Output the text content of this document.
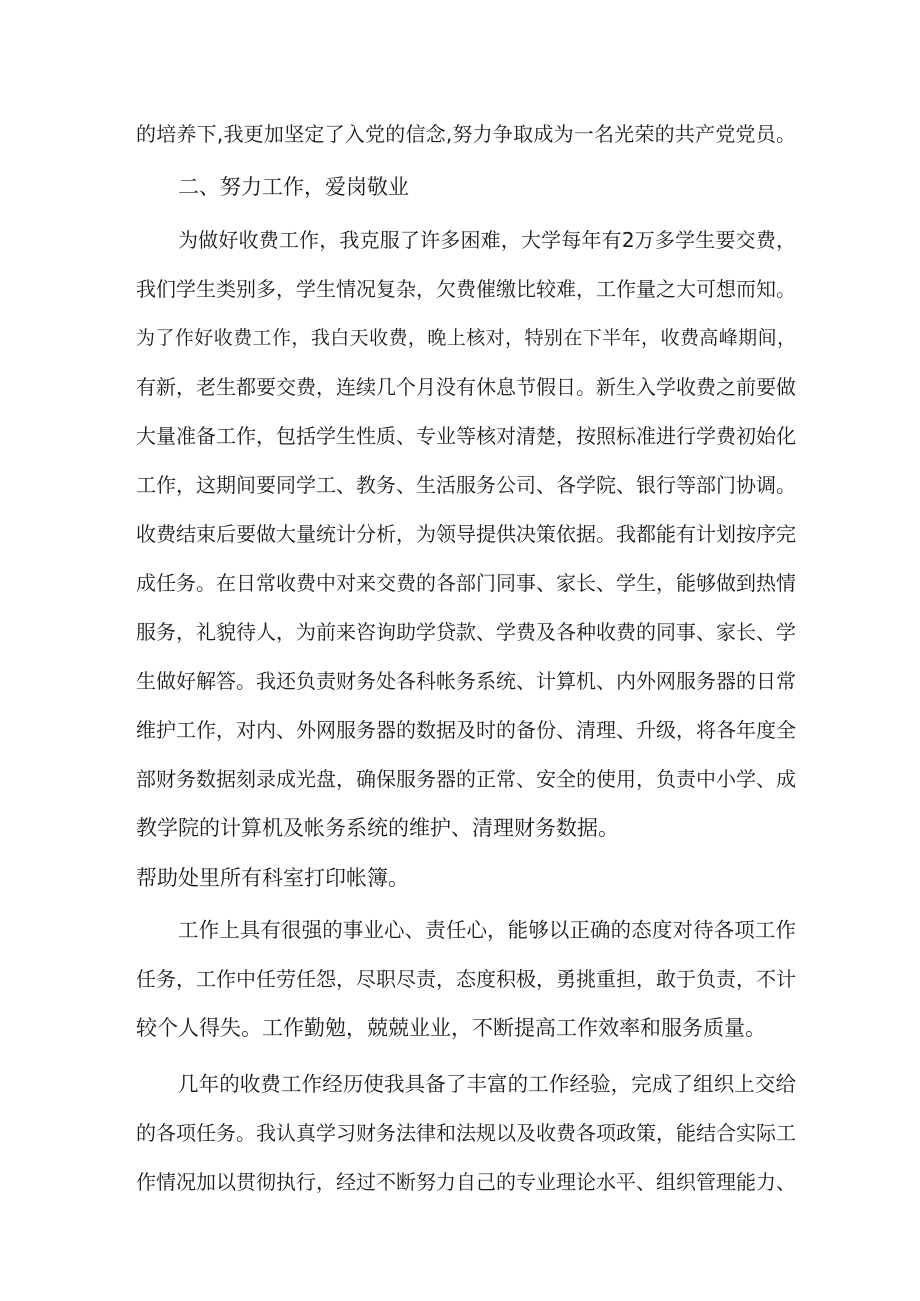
的培养下,我更加坚定了入党的信念,努力争取成为一名光荣的共产党党员。

二、努力工作，爱岗敬业

为做好收费工作，我克服了许多困难，大学每年有2万多学生要交费，

我们学生类别多，学生情况复杂，欠费催缴比较难，工作量之大可想而知。

为了作好收费工作，我白天收费，晚上核对，特别在下半年，收费高峰期间，

有新，老生都要交费，连续几个月没有休息节假日。新生入学收费之前要做

大量准备工作，包括学生性质、专业等核对清楚，按照标准进行学费初始化

工作，这期间要同学工、教务、生活服务公司、各学院、银行等部门协调。

收费结束后要做大量统计分析，为领导提供决策依据。我都能有计划按序完

成任务。在日常收费中对来交费的各部门同事、家长、学生，能够做到热情

服务，礼貌待人，为前来咨询助学贷款、学费及各种收费的同事、家长、学

生做好解答。我还负责财务处各科帐务系统、计算机、内外网服务器的日常

维护工作，对内、外网服务器的数据及时的备份、清理、升级，将各年度全

部财务数据刻录成光盘，确保服务器的正常、安全的使用，负责中小学、成

教学院的计算机及帐务系统的维护、清理财务数据。

帮助处里所有科室打印帐簿。

工作上具有很强的事业心、责任心，能够以正确的态度对待各项工作

任务，工作中任劳任怨，尽职尽责，态度积极，勇挑重担，敢于负责，不计

较个人得失。工作勤勉，兢兢业业，不断提高工作效率和服务质量。

几年的收费工作经历使我具备了丰富的工作经验，完成了组织上交给

的各项任务。我认真学习财务法律和法规以及收费各项政策，能结合实际工

作情况加以贯彻执行，经过不断努力自己的专业理论水平、组织管理能力、
